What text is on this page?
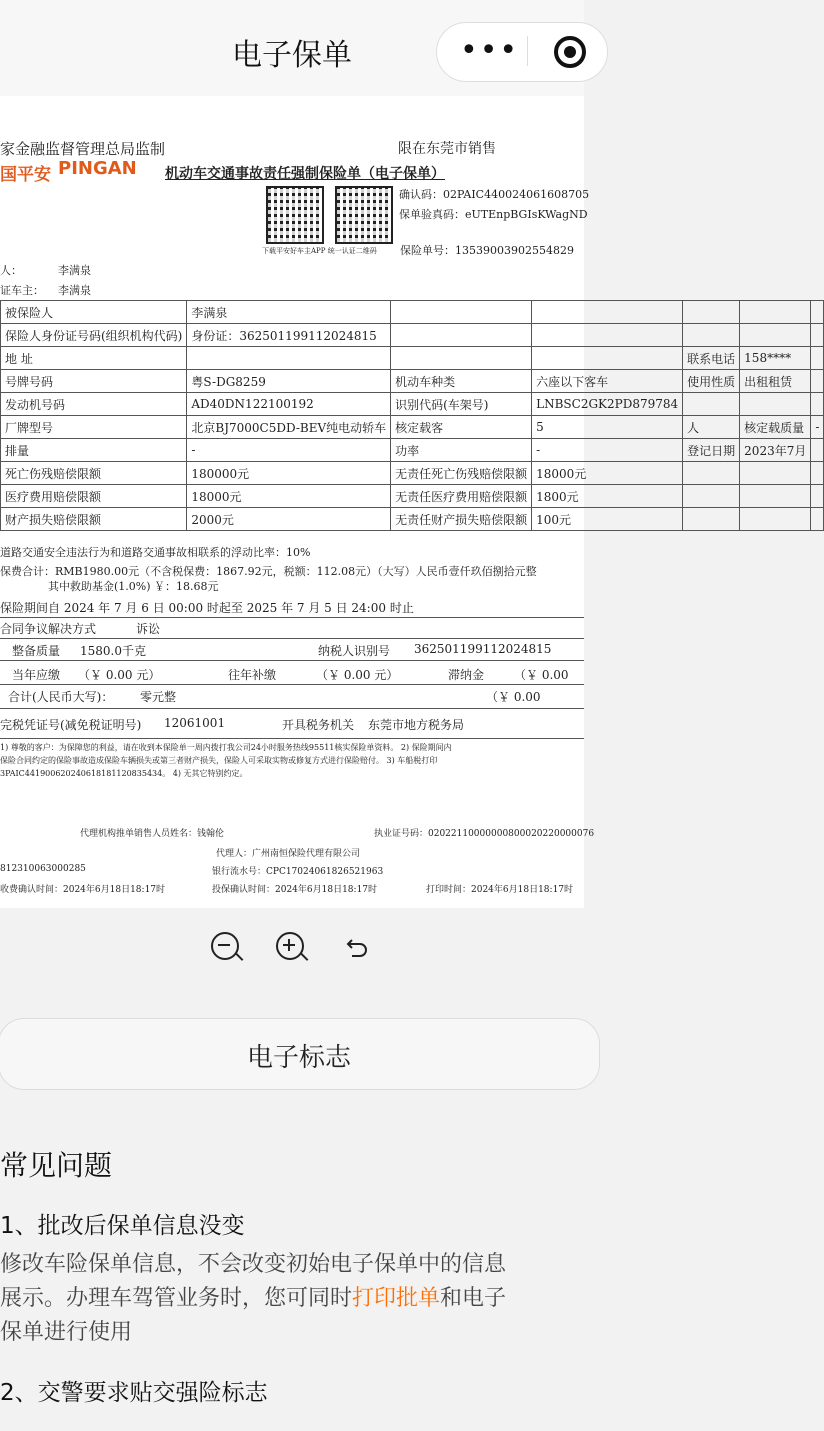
电子保单	•••
家金融监督管理总局监制	限在东莞市销售
国平安 PINGAN 机动车交通事故责任强制保险单（电子保单）
下载平安好车主APP 统一认证二维码
确认码：02PAIC440024061608705
保单验真码：eUTEnpBGIsKWagND
保险单号：13539003902554829
人：	李满泉
证车主： 李满泉
被保险人	李满泉					
保险人身份证号码(组织机构代码)	身份证：362501199112024815					
地 址				联系电话	158****	
号牌号码	粤S-DG8259	机动车种类	六座以下客车	使用性质	出租租赁	
发动机号码	AD40DN122100192	识别代码(车架号)	LNBSC2GK2PD879784			
厂牌型号	北京BJ7000C5DD-BEV纯电动轿车	核定载客	5	人	核定载质量	-
排量	-	功率	-	登记日期	2023年7月	
死亡伤残赔偿限额	180000元	无责任死亡伤残赔偿限额	18000元			
医疗费用赔偿限额	18000元	无责任医疗费用赔偿限额	1800元			
财产损失赔偿限额	2000元	无责任财产损失赔偿限额	100元			
道路交通安全违法行为和道路交通事故相联系的浮动比率：10%
保费合计：RMB1980.00元（不含税保费：1867.92元，税额：112.08元）（大写）人民币壹仟玖佰捌拾元整
其中救助基金(1.0%) ￥：18.68元
保险期间自 2024 年 7 月 6 日 00:00 时起至 2025 年 7 月 5 日 24:00 时止
合同争议解决方式	诉讼
整备质量 1580.0千克	纳税人识别号 362501199112024815
当年应缴 （￥ 0.00 元）	往年补缴	（￥ 0.00 元）	滞纳金 （￥ 0.00
合计(人民币大写)： 零元整	（￥ 0.00
完税凭证号(减免税证明号) 12061001	开具税务机关 东莞市地方税务局
1) 尊敬的客户：为保障您的利益，请在收到本保险单一周内拨打我公司24小时服务热线95511核实保险单资料。 2) 保险期间内
保险合同约定的保险事故造成保险车辆损失或第三者财产损失，保险人可采取实物或修复方式进行保险赔付。 3) 车船税打印
3PAIC441900620240618181120835434。 4) 无其它特别约定。
代理机构推单销售人员姓名：钱翰伦	执业证号码：02022110000000800020220000076
代理人：广州南恒保险代理有限公司
812310063000285	银行流水号：CPC17024061826521963
收费确认时间：2024年6月18日18:17时	投保确认时间：2024年6月18日18:17时	打印时间：2024年6月18日18:17时
电子标志
常见问题
1、批改后保单信息没变
修改车险保单信息，不会改变初始电子保单中的信息
展示。办理车驾管业务时，您可同时打印批单和电子
保单进行使用
2、交警要求贴交强险标志
